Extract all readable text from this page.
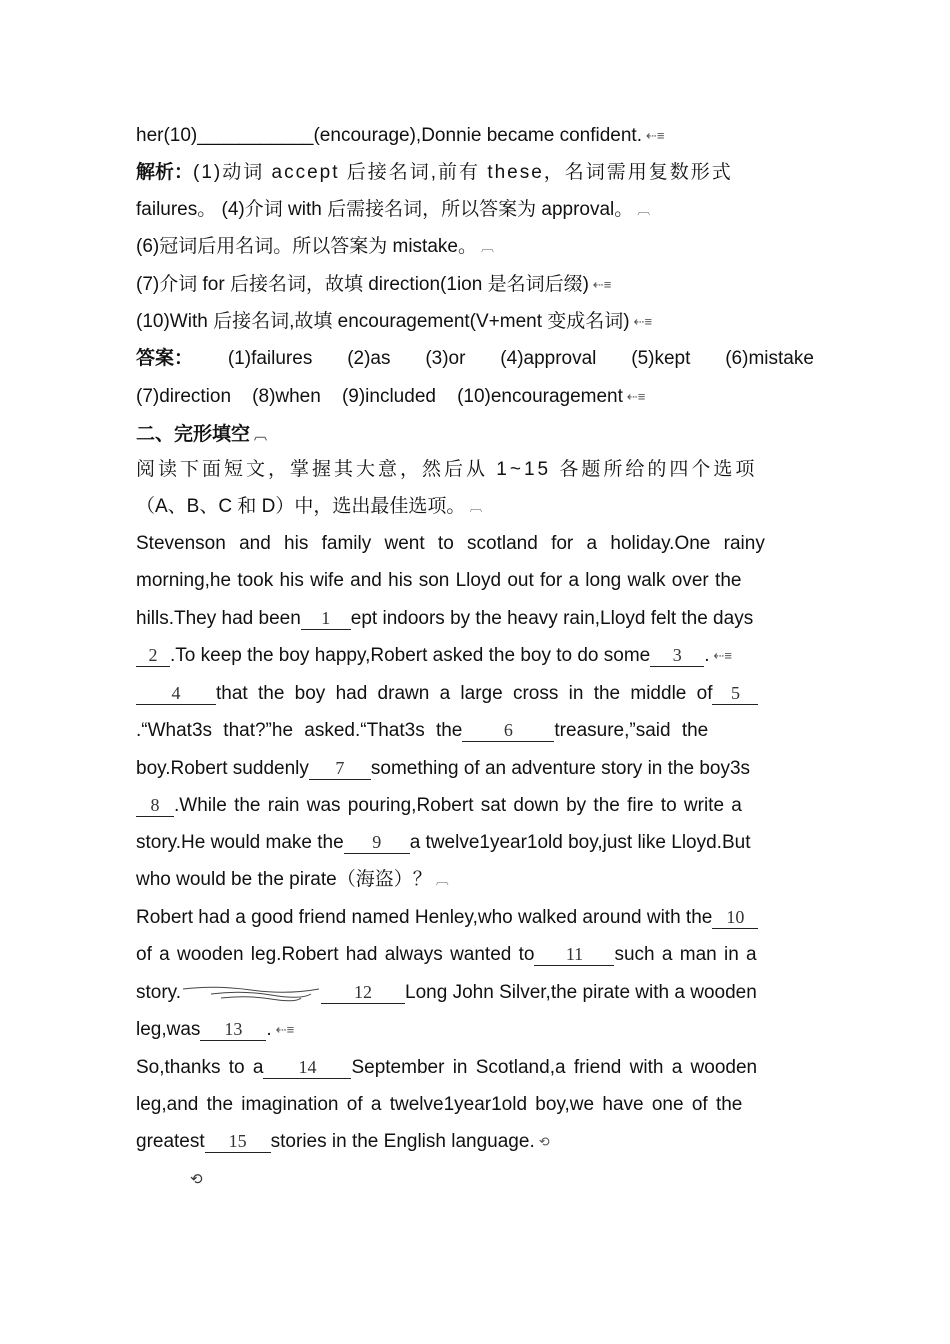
her(10)___________(encourage),Donnie became confident. ⇠≡
解析： (1)动词 accept 后接名词,前有 these，名词需用复数形式
failures。 (4)介词 with 后需接名词，所以答案为 approval。 ︹
(6)冠词后用名词。所以答案为 mistake。 ︹
(7)介词 for 后接名词，故填 direction(1ion 是名词后缀) ⇠≡
(10)With 后接名词,故填 encouragement(V+ment 变成名词) ⇠≡
答案： (1)failures (2)as (3)or (4)approval (5)kept (6)mistake
(7)direction (8)when (9)included (10)encouragement ⇠≡
二、完形填空 ︹
阅读下面短文，掌握其大意，然后从 1~15 各题所给的四个选项
（A、B、C 和 D）中，选出最佳选项。 ︹
Stevenson and his family went to scotland for a holiday.One rainy
morning,he took his wife and his son Lloyd out for a long walk over the
hills.They had been 1 ept indoors by the heavy rain,Lloyd felt the days
2 .To keep the boy happy,Robert asked the boy to do some 3 . ⇠≡
4 that the boy had drawn a large cross in the middle of 5
.“What3s that?”he asked.“That3s the 6 treasure,”said the
boy.Robert suddenly 7 something of an adventure story in the boy3s
8 .While the rain was pouring,Robert sat down by the fire to write a
story.He would make the 9 a twelve1year1old boy,just like Lloyd.But
who would be the pirate（海盗）？ ︹
Robert had a good friend named Henley,who walked around with the 10
of a wooden leg.Robert had always wanted to 11 such a man in a
story.	12 Long John Silver,the pirate with a wooden
leg,was 13 . ⇠≡
So,thanks to a 14 September in Scotland,a friend with a wooden
leg,and the imagination of a twelve1year1old boy,we have one of the
greatest 15 stories in the English language. ⟲
⟲
